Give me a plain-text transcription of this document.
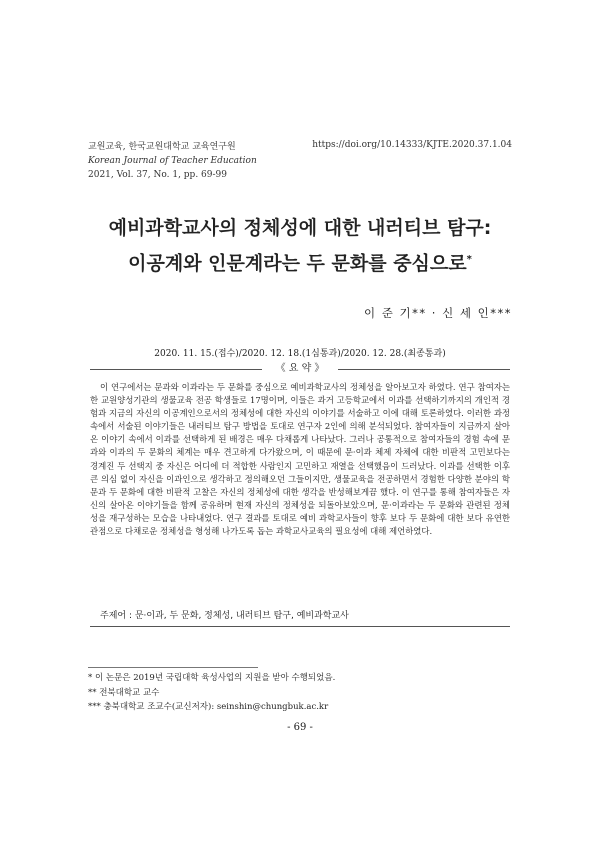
교원교육, 한국교원대학교 교육연구원
Korean Journal of Teacher Education
2021, Vol. 37, No. 1, pp. 69-99
https://doi.org/10.14333/KJTE.2020.37.1.04
예비과학교사의 정체성에 대한 내러티브 탐구:
이공계와 인문계라는 두 문화를 중심으로*
이 준 기** · 신 세 인***
2020. 11. 15.(접수)/2020. 12. 18.(1심통과)/2020. 12. 28.(최종통과)
《 요 약 》

이 연구에서는 문과와 이과라는 두 문화를 중심으로 예비과학교사의 정체성을 알아보고자 하였다. 연구 참여자는 한 교원양성기관의 생물교육 전공 학생들로 17명이며, 이들은 과거 고등학교에서 이과를 선택하기까지의 개인적 경험과 지금의 자신의 이공계인으로서의 정체성에 대한 자신의 이야기를 서술하고 이에 대해 토론하였다. 이러한 과정 속에서 서술된 이야기들은 내러티브 탐구 방법을 토대로 연구자 2인에 의해 분석되었다. 참여자들이 지금까지 살아온 이야기 속에서 이과를 선택하게 된 배경은 매우 다채롭게 나타났다. 그러나 공통적으로 참여자들의 경험 속에 문과와 이과의 두 문화의 체계는 매우 견고하게 다가왔으며, 이 때문에 문·이과 체제 자체에 대한 비판적 고민보다는 경계진 두 선택지 중 자신은 어디에 더 적합한 사람인지 고민하고 재열을 선택했음이 드러났다. 이과를 선택한 이후 큰 의심 없이 자신을 이과인으로 생각하고 정의해오던 그들이지만, 생물교육을 전공하면서 경험한 다양한 분야의 학문과 두 문화에 대한 비판적 고찰은 자신의 정체성에 대한 생각을 반성해보게끔 했다. 이 연구를 통해 참여자들은 자신의 살아온 이야기들을 함께 공유하며 현재 자신의 정체성을 되돌아보았으며, 문·이과라는 두 문화와 관련된 정체성을 재구성하는 모습을 나타내었다. 연구 결과를 토대로 예비 과학교사들이 향후 보다 두 문화에 대한 보다 유연한 관점으로 다채로운 정체성을 형성해 나가도록 돕는 과학교사교육의 필요성에 대해 제언하였다.

주제어 : 문·이과, 두 문화, 정체성, 내러티브 탐구, 예비과학교사
* 이 논문은 2019년 국립대학 육성사업의 지원을 받아 수행되었음.
** 전북대학교 교수
*** 충북대학교 조교수(교신저자): seinshin@chungbuk.ac.kr
- 69 -
